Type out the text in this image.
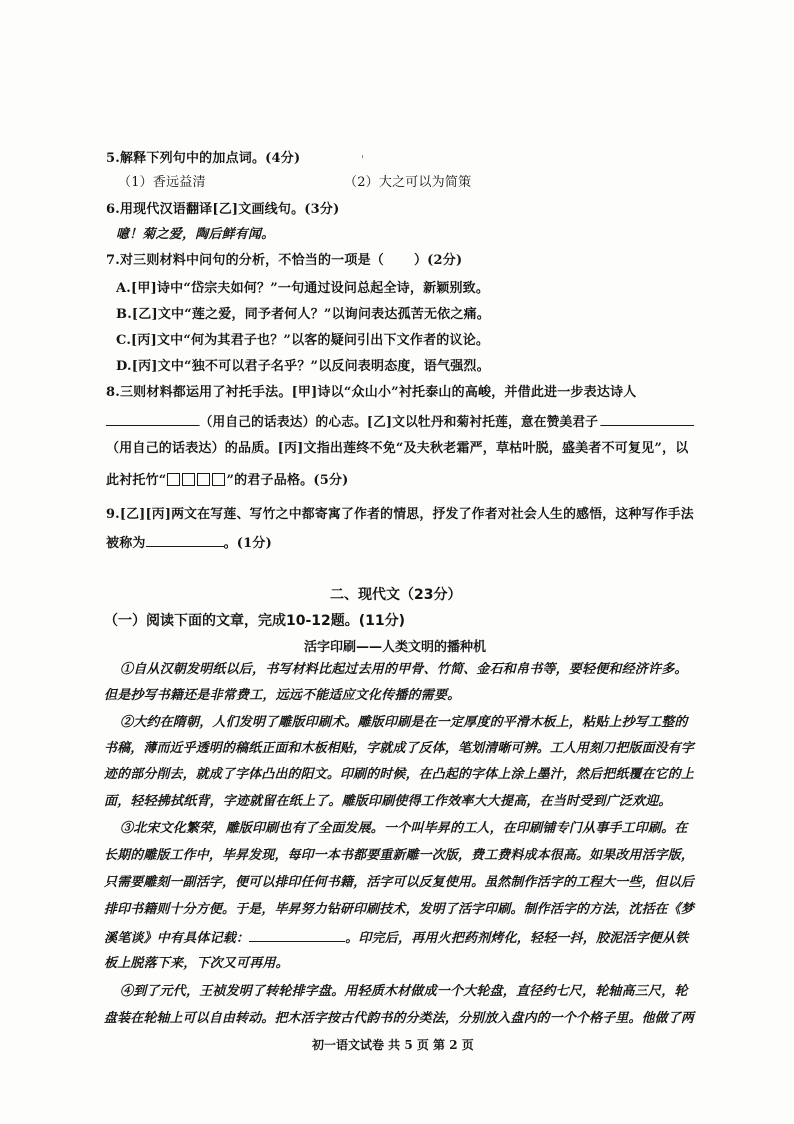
5.解释下列句中的加点词。(4分)
（1）香远益清	（2）大之可以为简策
6.用现代汉语翻译[乙]文画线句。(3分)
噫！菊之爱，陶后鲜有闻。
7.对三则材料中问句的分析，不恰当的一项是（ ）(2分)
A.[甲]诗中“岱宗夫如何？”一句通过设问总起全诗，新颖别致。
B.[乙]文中“莲之爱，同予者何人？”以询问表达孤苦无依之痛。
C.[丙]文中“何为其君子也？”以客的疑问引出下文作者的议论。
D.[丙]文中“独不可以君子名乎？”以反问表明态度，语气强烈。
8.三则材料都运用了衬托手法。[甲]诗以“众山小”衬托泰山的高峻，并借此进一步表达诗人
（用自己的话表达）的心志。[乙]文以牡丹和菊衬托莲，意在赞美君子
（用自己的话表达）的品质。[丙]文指出莲终不免“及夫秋老霜严，草枯叶脱，盛美者不可复见”，以
此衬托竹“	”的君子品格。(5分)
9.[乙][丙]两文在写莲、写竹之中都寄寓了作者的情思，抒发了作者对社会人生的感悟，这种写作手法
被称为	。(1分)
二、现代文（23分）
（一）阅读下面的文章，完成10-12题。(11分)
活字印刷——人类文明的播种机
①自从汉朝发明纸以后，书写材料比起过去用的甲骨、竹简、金石和帛书等，要轻便和经济许多。
但是抄写书籍还是非常费工，远远不能适应文化传播的需要。
②大约在隋朝，人们发明了雕版印刷术。雕版印刷是在一定厚度的平滑木板上，粘贴上抄写工整的
书稿，薄而近乎透明的稿纸正面和木板相贴，字就成了反体，笔划清晰可辨。工人用刻刀把版面没有字
迹的部分削去，就成了字体凸出的阳文。印刷的时候，在凸起的字体上涂上墨汁，然后把纸覆在它的上
面，轻轻拂拭纸背，字迹就留在纸上了。雕版印刷使得工作效率大大提高，在当时受到广泛欢迎。
③北宋文化繁荣，雕版印刷也有了全面发展。一个叫毕昇的工人，在印刷铺专门从事手工印刷。在
长期的雕版工作中，毕昇发现，每印一本书都要重新雕一次版，费工费料成本很高。如果改用活字版，
只需要雕刻一副活字，便可以排印任何书籍，活字可以反复使用。虽然制作活字的工程大一些，但以后
排印书籍则十分方便。于是，毕昇努力钻研印刷技术，发明了活字印刷。制作活字的方法，沈括在《梦
溪笔谈》中有具体记载：	。印完后，再用火把药剂烤化，轻轻一抖，胶泥活字便从铁
板上脱落下来，下次又可再用。
④到了元代，王祯发明了转轮排字盘。用轻质木材做成一个大轮盘，直径约七尺，轮轴高三尺，轮
盘装在轮轴上可以自由转动。把木活字按古代韵书的分类法，分别放入盘内的一个个格子里。他做了两
初一语文试卷 共 5 页 第 2 页
